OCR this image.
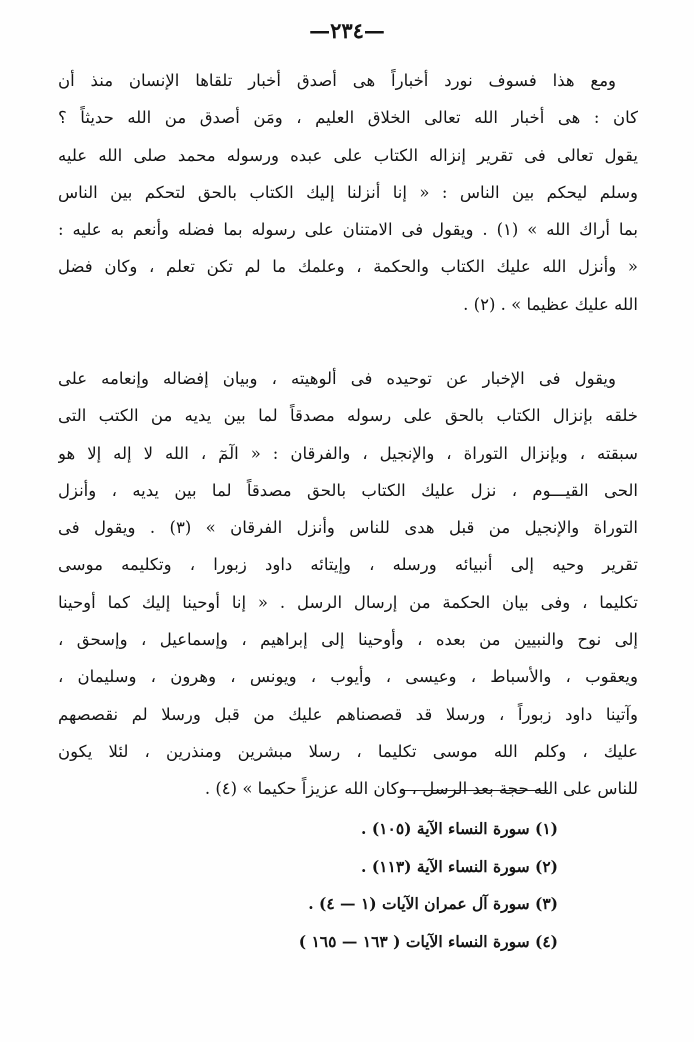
—٢٣٤—
ومع هذا فسوف نورد أخباراً هى أصدق أخبار تلقاها الإنسان منذ أن
كان : هى أخبار الله تعالى الخلاق العليم ، ومَن أصدق من الله حديثاً ؟
يقول تعالى فى تقرير إنزاله الكتاب على عبده ورسوله محمد صلى الله عليه
وسلم ليحكم بين الناس : « إنا أنزلنا إليك الكتاب بالحق لتحكم بين الناس
بما أراك الله » (١) . ويقول فى الامتنان على رسوله بما فضله وأنعم به عليه :
« وأنزل الله عليك الكتاب والحكمة ، وعلمك ما لم تكن تعلم ، وكان فضل
الله عليك عظيما » . (٢) .
ويقول فى الإخبار عن توحيده فى ألوهيته ، وبيان إفضاله وإنعامه على
خلقه بإنزال الكتاب بالحق على رسوله مصدقاً لما بين يديه من الكتب التى
سبقته ، وبإنزال التوراة ، والإنجيل ، والفرقان : « الٓمٓ ، الله لا إله إلا هو
الحى القيـــوم ، نزل عليك الكتاب بالحق مصدقاً لما بين يديه ، وأنزل
التوراة والإنجيل من قبل هدى للناس وأنزل الفرقان » (٣) . ويقول فى
تقرير وحيه إلى أنبيائه ورسله ، وإيتائه داود زبورا ، وتكليمه موسى
تكليما ، وفى بيان الحكمة من إرسال الرسل . « إنا أوحينا إليك كما أوحينا
إلى نوح والنبيين من بعده ، وأوحينا إلى إبراهيم ، وإسماعيل ، وإسحق ،
ويعقوب ، والأسباط ، وعيسى ، وأيوب ، ويونس ، وهرون ، وسليمان ،
وآتينا داود زبوراً ، ورسلا قد قصصناهم عليك من قبل ورسلا لم نقصصهم
عليك ، وكلم الله موسى تكليما ، رسلا مبشرين ومنذرين ، لئلا يكون
للناس على الله حجة بعد الرسل ، وكان الله عزيزاً حكيما » (٤) .
(١) سورة النساء الآية (١٠٥) .
(٢) سورة النساء الآية (١١٣) .
(٣) سورة آل عمران الآيات (١ — ٤) .
(٤) سورة النساء الآيات ( ١٦٣ — ١٦٥ )
